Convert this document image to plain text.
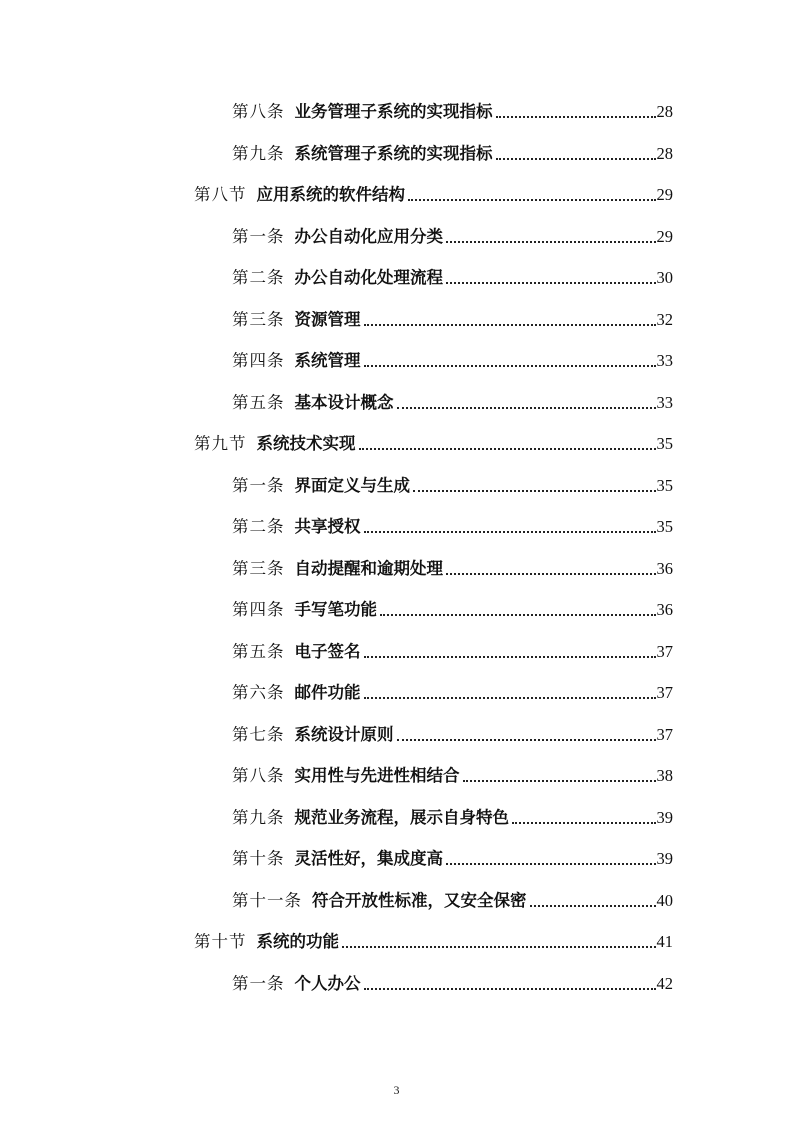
第八条 业务管理子系统的实现指标	28
第九条 系统管理子系统的实现指标	28
第八节 应用系统的软件结构	29
第一条 办公自动化应用分类	29
第二条 办公自动化处理流程	30
第三条 资源管理	32
第四条 系统管理	33
第五条 基本设计概念	33
第九节 系统技术实现	35
第一条 界面定义与生成	35
第二条 共享授权	35
第三条 自动提醒和逾期处理	36
第四条 手写笔功能	36
第五条 电子签名	37
第六条 邮件功能	37
第七条 系统设计原则	37
第八条 实用性与先进性相结合	38
第九条 规范业务流程，展示自身特色	39
第十条 灵活性好，集成度高	39
第十一条 符合开放性标准，又安全保密	40
第十节 系统的功能	41
第一条 个人办公	42
3
